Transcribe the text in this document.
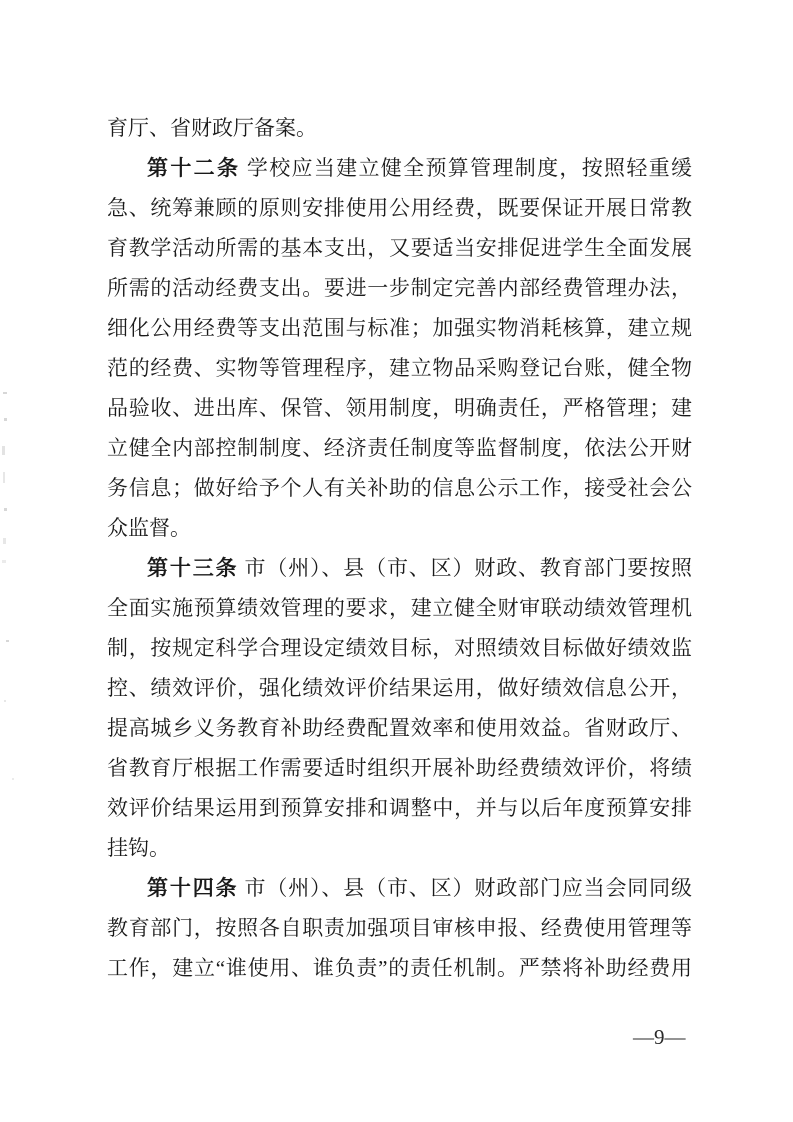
育厅、省财政厅备案。
第十二条 学校应当建立健全预算管理制度，按照轻重缓
急、统筹兼顾的原则安排使用公用经费，既要保证开展日常教
育教学活动所需的基本支出，又要适当安排促进学生全面发展
所需的活动经费支出。要进一步制定完善内部经费管理办法，
细化公用经费等支出范围与标准；加强实物消耗核算，建立规
范的经费、实物等管理程序，建立物品采购登记台账，健全物
品验收、进出库、保管、领用制度，明确责任，严格管理；建
立健全内部控制制度、经济责任制度等监督制度，依法公开财
务信息；做好给予个人有关补助的信息公示工作，接受社会公
众监督。
第十三条 市（州）、县（市、区）财政、教育部门要按照
全面实施预算绩效管理的要求，建立健全财审联动绩效管理机
制，按规定科学合理设定绩效目标，对照绩效目标做好绩效监
控、绩效评价，强化绩效评价结果运用，做好绩效信息公开，
提高城乡义务教育补助经费配置效率和使用效益。省财政厅、
省教育厅根据工作需要适时组织开展补助经费绩效评价，将绩
效评价结果运用到预算安排和调整中，并与以后年度预算安排
挂钩。
第十四条 市（州）、县（市、区）财政部门应当会同同级
教育部门，按照各自职责加强项目审核申报、经费使用管理等
工作，建立“谁使用、谁负责”的责任机制。严禁将补助经费用
—9—
